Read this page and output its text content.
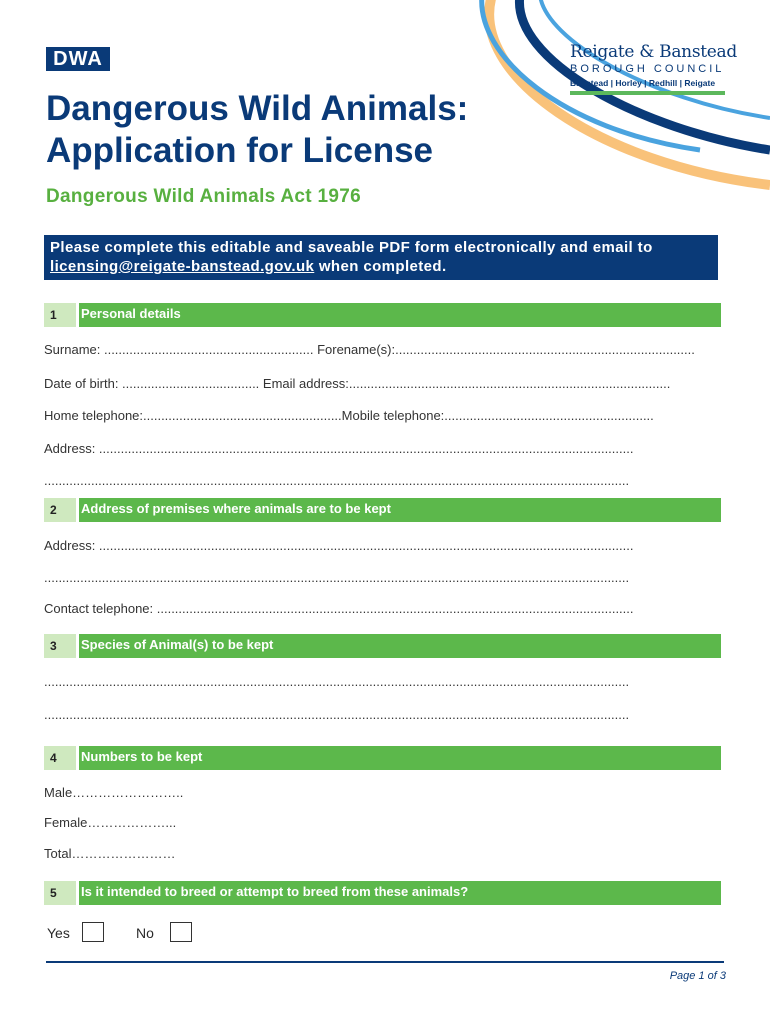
DWA	Reigate & Banstead
BOROUGH COUNCIL
Banstead | Horley | Redhill | Reigate
Dangerous Wild Animals:
Application for License
Dangerous Wild Animals Act 1976
Please complete this editable and saveable PDF form electronically and email to
licensing@reigate-banstead.gov.uk when completed.
1	Personal details
Surname: .......................................................... Forename(s):...................................................................................
Date of birth: ...................................... Email address:.........................................................................................
Home telephone:.......................................................Mobile telephone:..........................................................
Address: ....................................................................................................................................................
..................................................................................................................................................................
2	Address of premises where animals are to be kept
Address: ....................................................................................................................................................
..................................................................................................................................................................
Contact telephone: ....................................................................................................................................
3	Species of Animal(s) to be kept
..................................................................................................................................................................
..................................................................................................................................................................
4	Numbers to be kept
Male……………………..
Female………………...
Total……………………
5	Is it intended to breed or attempt to breed from these animals?
Yes	No
Page 1 of 3
